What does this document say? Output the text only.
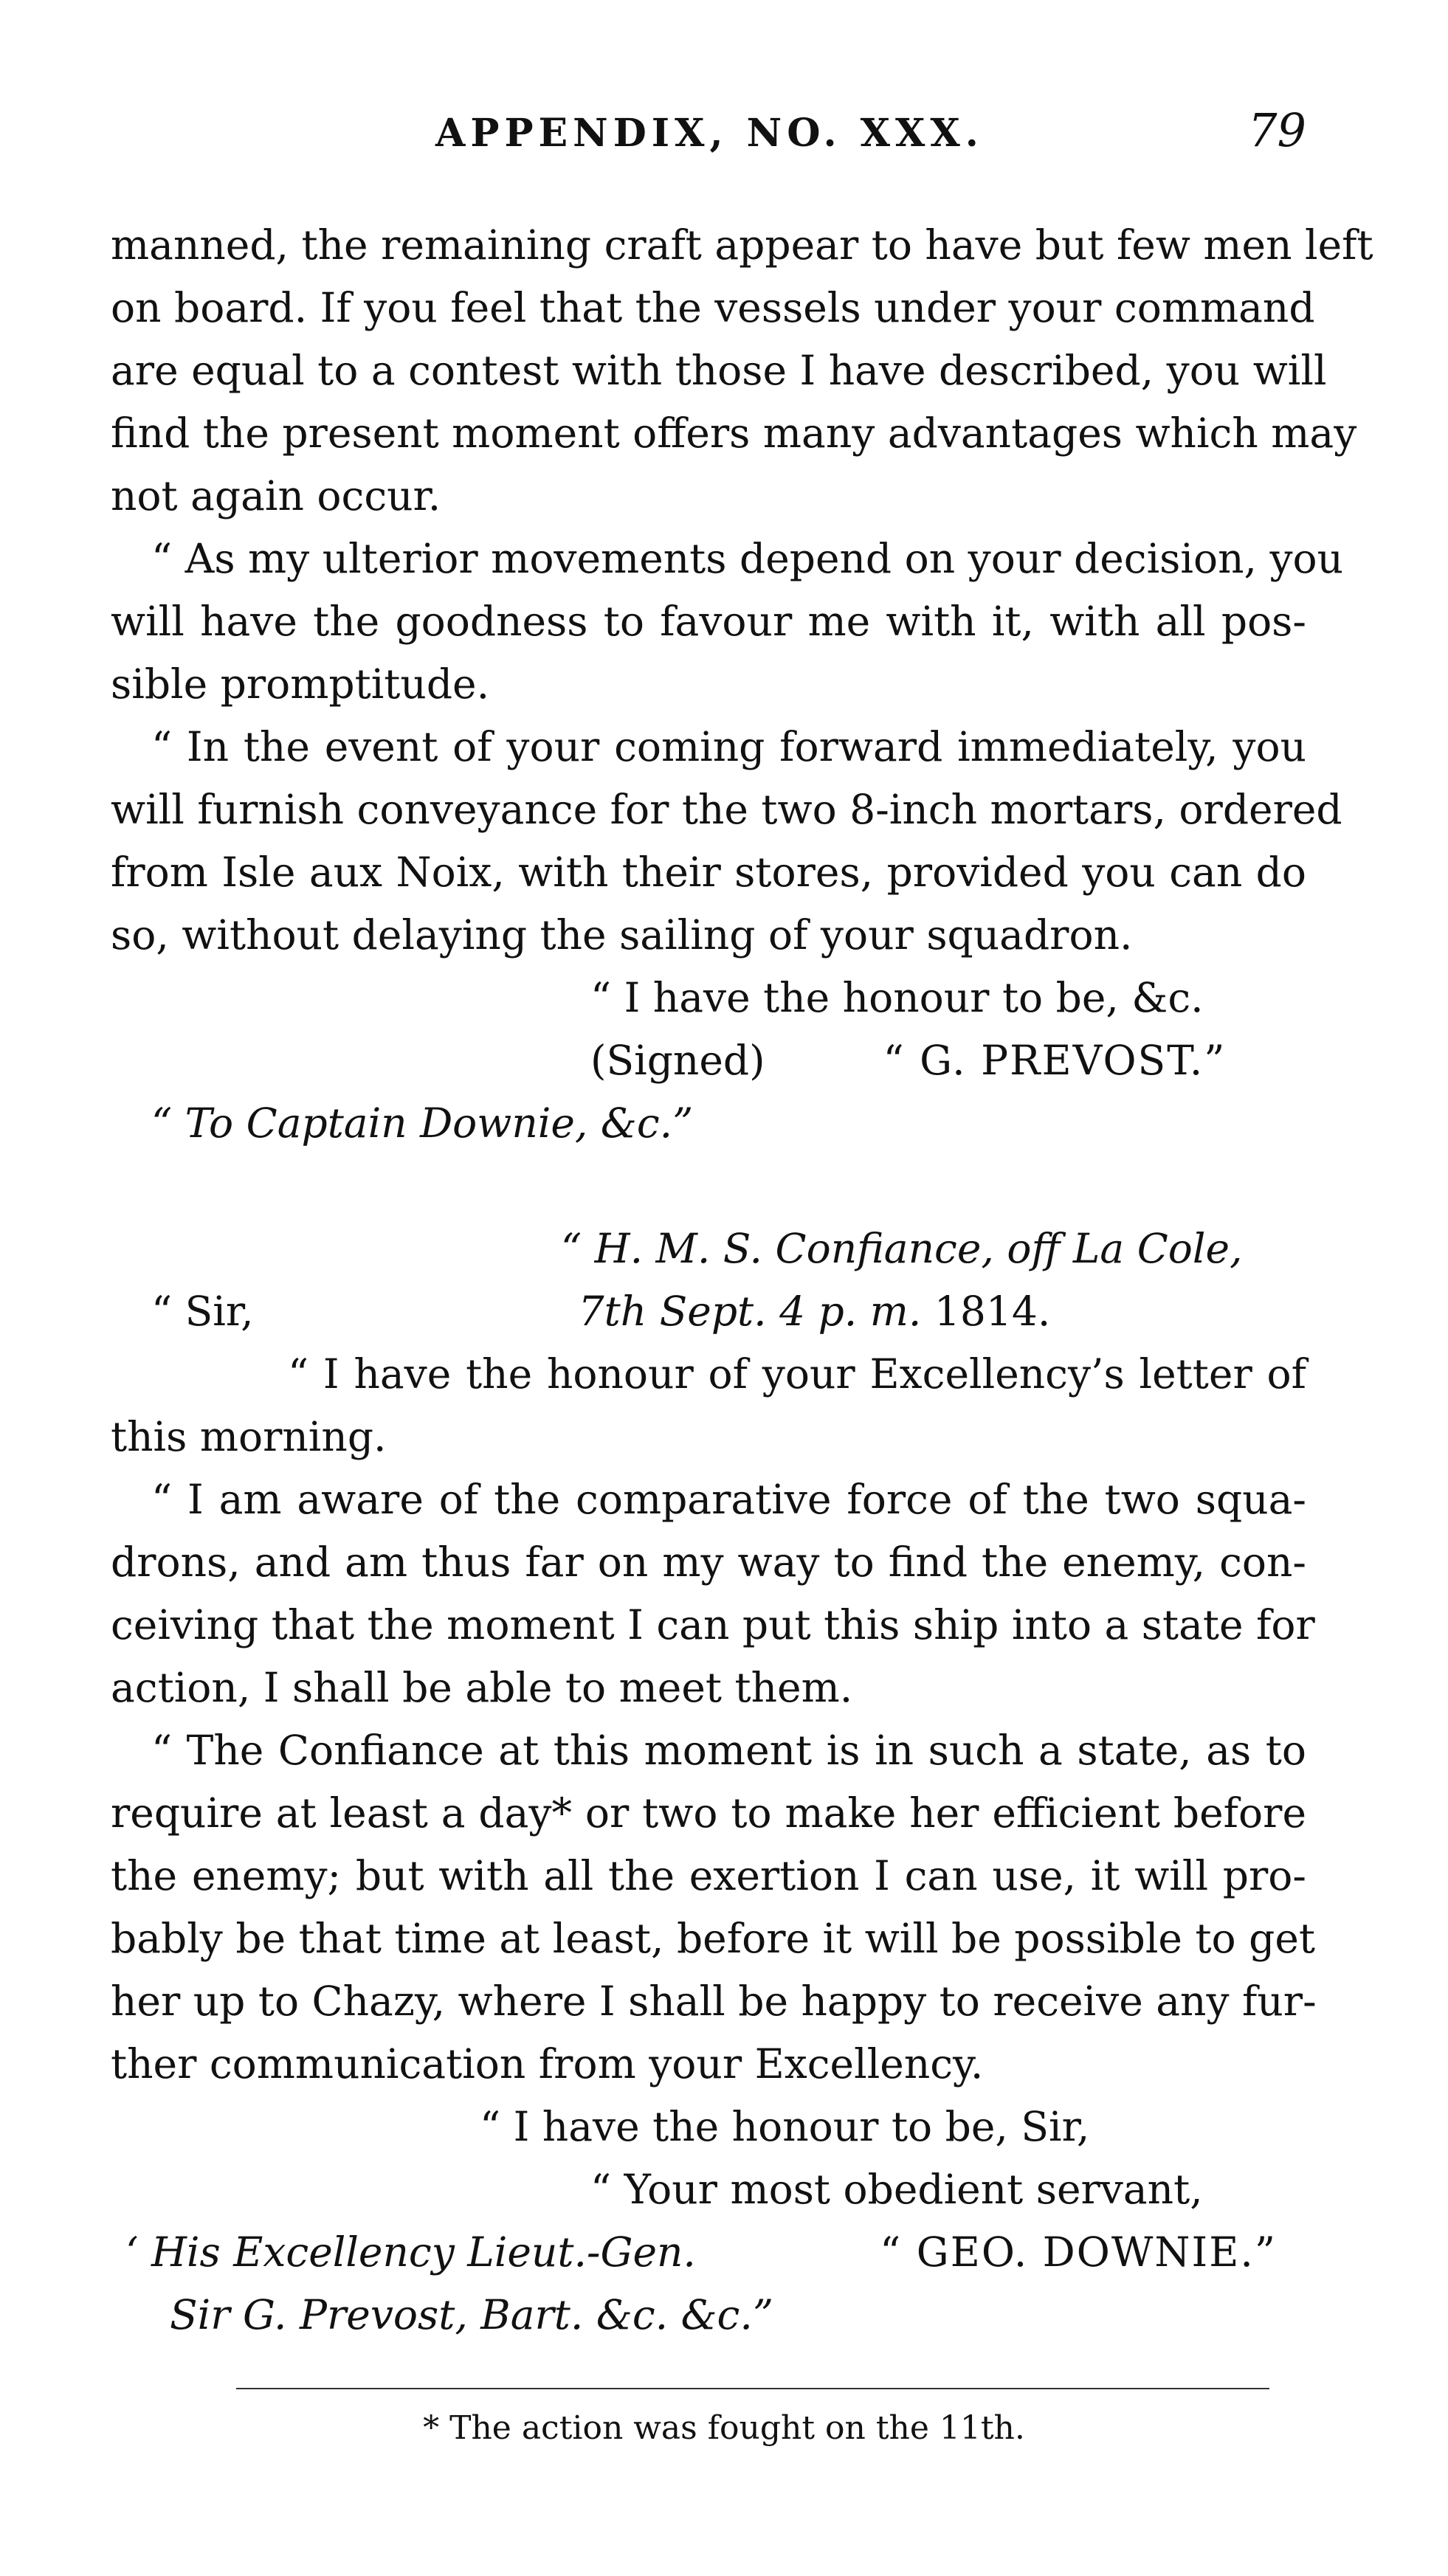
APPENDIX, NO. XXX.	79
manned, the remaining craft appear to have but few men left
on board. If you feel that the vessels under your command
are equal to a contest with those I have described, you will
find the present moment offers many advantages which may
not again occur.
“ As my ulterior movements depend on your decision, you
will have the goodness to favour me with it, with all pos-
sible promptitude.
“ In the event of your coming forward immediately, you
will furnish conveyance for the two 8-inch mortars, ordered
from Isle aux Noix, with their stores, provided you can do
so, without delaying the sailing of your squadron.
“ I have the honour to be, &c.
(Signed)	“ G. PREVOST.”
“ To Captain Downie, &c.”
“ H. M. S. Confiance, off La Cole,
“ Sir,	7th Sept. 4 p. m. 1814.
“ I have the honour of your Excellency’s letter of
this morning.
“ I am aware of the comparative force of the two squa-
drons, and am thus far on my way to find the enemy, con-
ceiving that the moment I can put this ship into a state for
action, I shall be able to meet them.
“ The Confiance at this moment is in such a state, as to
require at least a day* or two to make her efficient before
the enemy; but with all the exertion I can use, it will pro-
bably be that time at least, before it will be possible to get
her up to Chazy, where I shall be happy to receive any fur-
ther communication from your Excellency.
“ I have the honour to be, Sir,
“ Your most obedient servant,
‘ His Excellency Lieut.-Gen.	“ GEO. DOWNIE.”
Sir G. Prevost, Bart. &c. &c.”
* The action was fought on the 11th.
